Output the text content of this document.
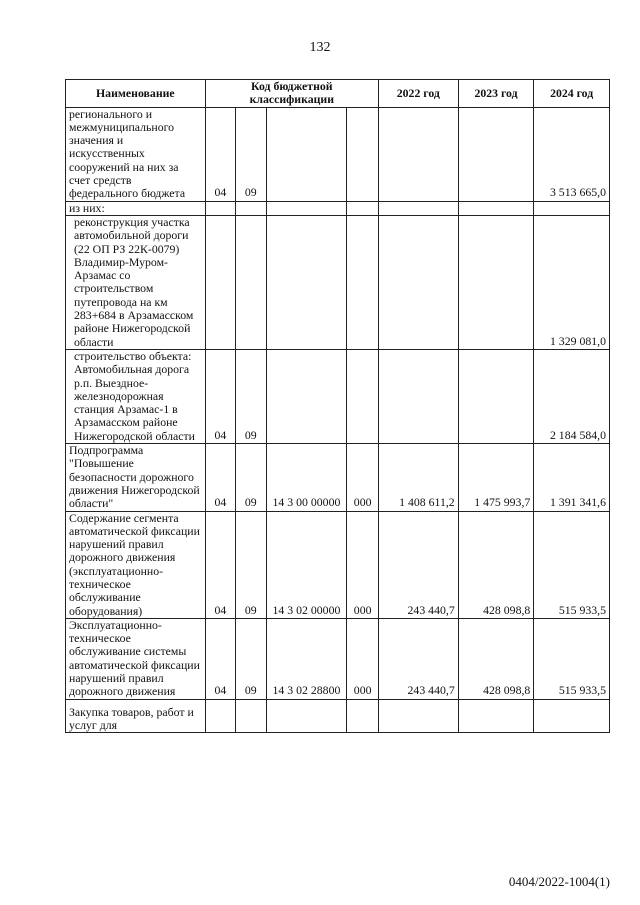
132
Наименование	Код бюджетной классификации				2022 год	2023 год	2024 год
регионального и межмуниципального значения и искусственных сооружений на них за счет средств федерального бюджета	04	09					3 513 665,0
из них:							
реконструкция участка автомобильной дороги (22 ОП РЗ 22К-0079) Владимир-Муром-Арзамас со строительством путепровода на км 283+684 в Арзамасском районе Нижегородской области							1 329 081,0
строительство объекта: Автомобильная дорога р.п. Выездное-железнодорожная станция Арзамас-1 в Арзамасском районе Нижегородской области	04	09					2 184 584,0
Подпрограмма "Повышение безопасности дорожного движения Нижегородской области"	04	09	14 3 00 00000	000	1 408 611,2	1 475 993,7	1 391 341,6
Содержание сегмента автоматической фиксации нарушений правил дорожного движения (эксплуатационно-техническое обслуживание оборудования)	04	09	14 3 02 00000	000	243 440,7	428 098,8	515 933,5
Эксплуатационно-техническое обслуживание системы автоматической фиксации нарушений правил дорожного движения	04	09	14 3 02 28800	000	243 440,7	428 098,8	515 933,5
Закупка товаров, работ и услуг для							
0404/2022-1004(1)
